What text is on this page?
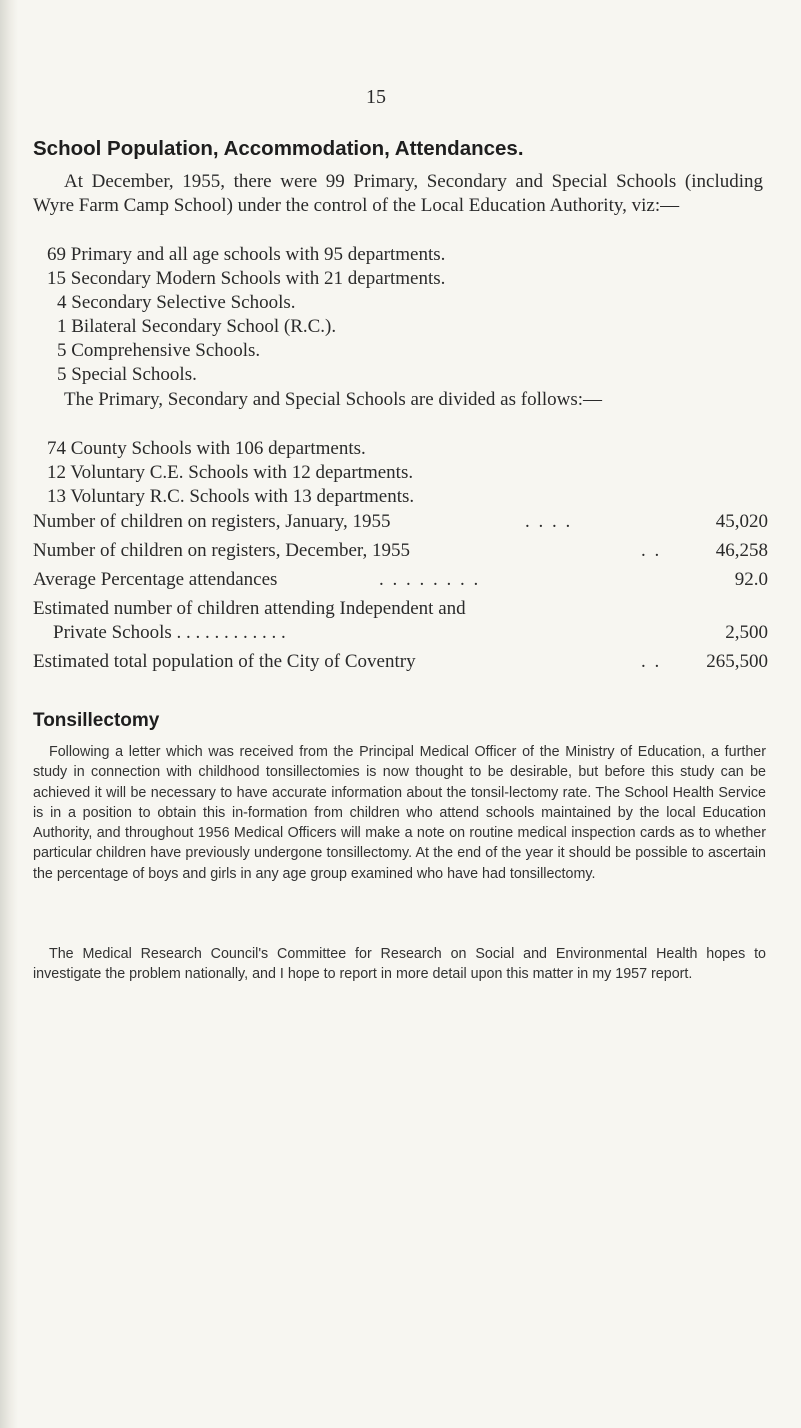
15
School Population, Accommodation, Attendances.
At December, 1955, there were 99 Primary, Secondary and Special Schools (including Wyre Farm Camp School) under the control of the Local Education Authority, viz:—
69 Primary and all age schools with 95 departments.
15 Secondary Modern Schools with 21 departments.
4 Secondary Selective Schools.
1 Bilateral Secondary School (R.C.).
5 Comprehensive Schools.
5 Special Schools.
The Primary, Secondary and Special Schools are divided as follows:—
74 County Schools with 106 departments.
12 Voluntary C.E. Schools with 12 departments.
13 Voluntary R.C. Schools with 13 departments.
Number of children on registers, January, 1955	. . . .	45,020
Number of children on registers, December, 1955	. .	46,258
Average Percentage attendances	. . . . . . . .	92.0
Estimated number of children attending Independent and
Private Schools . . . . . . . . . . . .	2,500
Estimated total population of the City of Coventry	. . 265,500
Tonsillectomy
Following a letter which was received from the Principal Medical Officer of the Ministry of Education, a further study in connection with childhood tonsillectomies is now thought to be desirable, but before this study can be achieved it will be necessary to have accurate information about the tonsil-lectomy rate. The School Health Service is in a position to obtain this in-formation from children who attend schools maintained by the local Education Authority, and throughout 1956 Medical Officers will make a note on routine medical inspection cards as to whether particular children have previously undergone tonsillectomy. At the end of the year it should be possible to ascertain the percentage of boys and girls in any age group examined who have had tonsillectomy.
The Medical Research Council's Committee for Research on Social and Environmental Health hopes to investigate the problem nationally, and I hope to report in more detail upon this matter in my 1957 report.
